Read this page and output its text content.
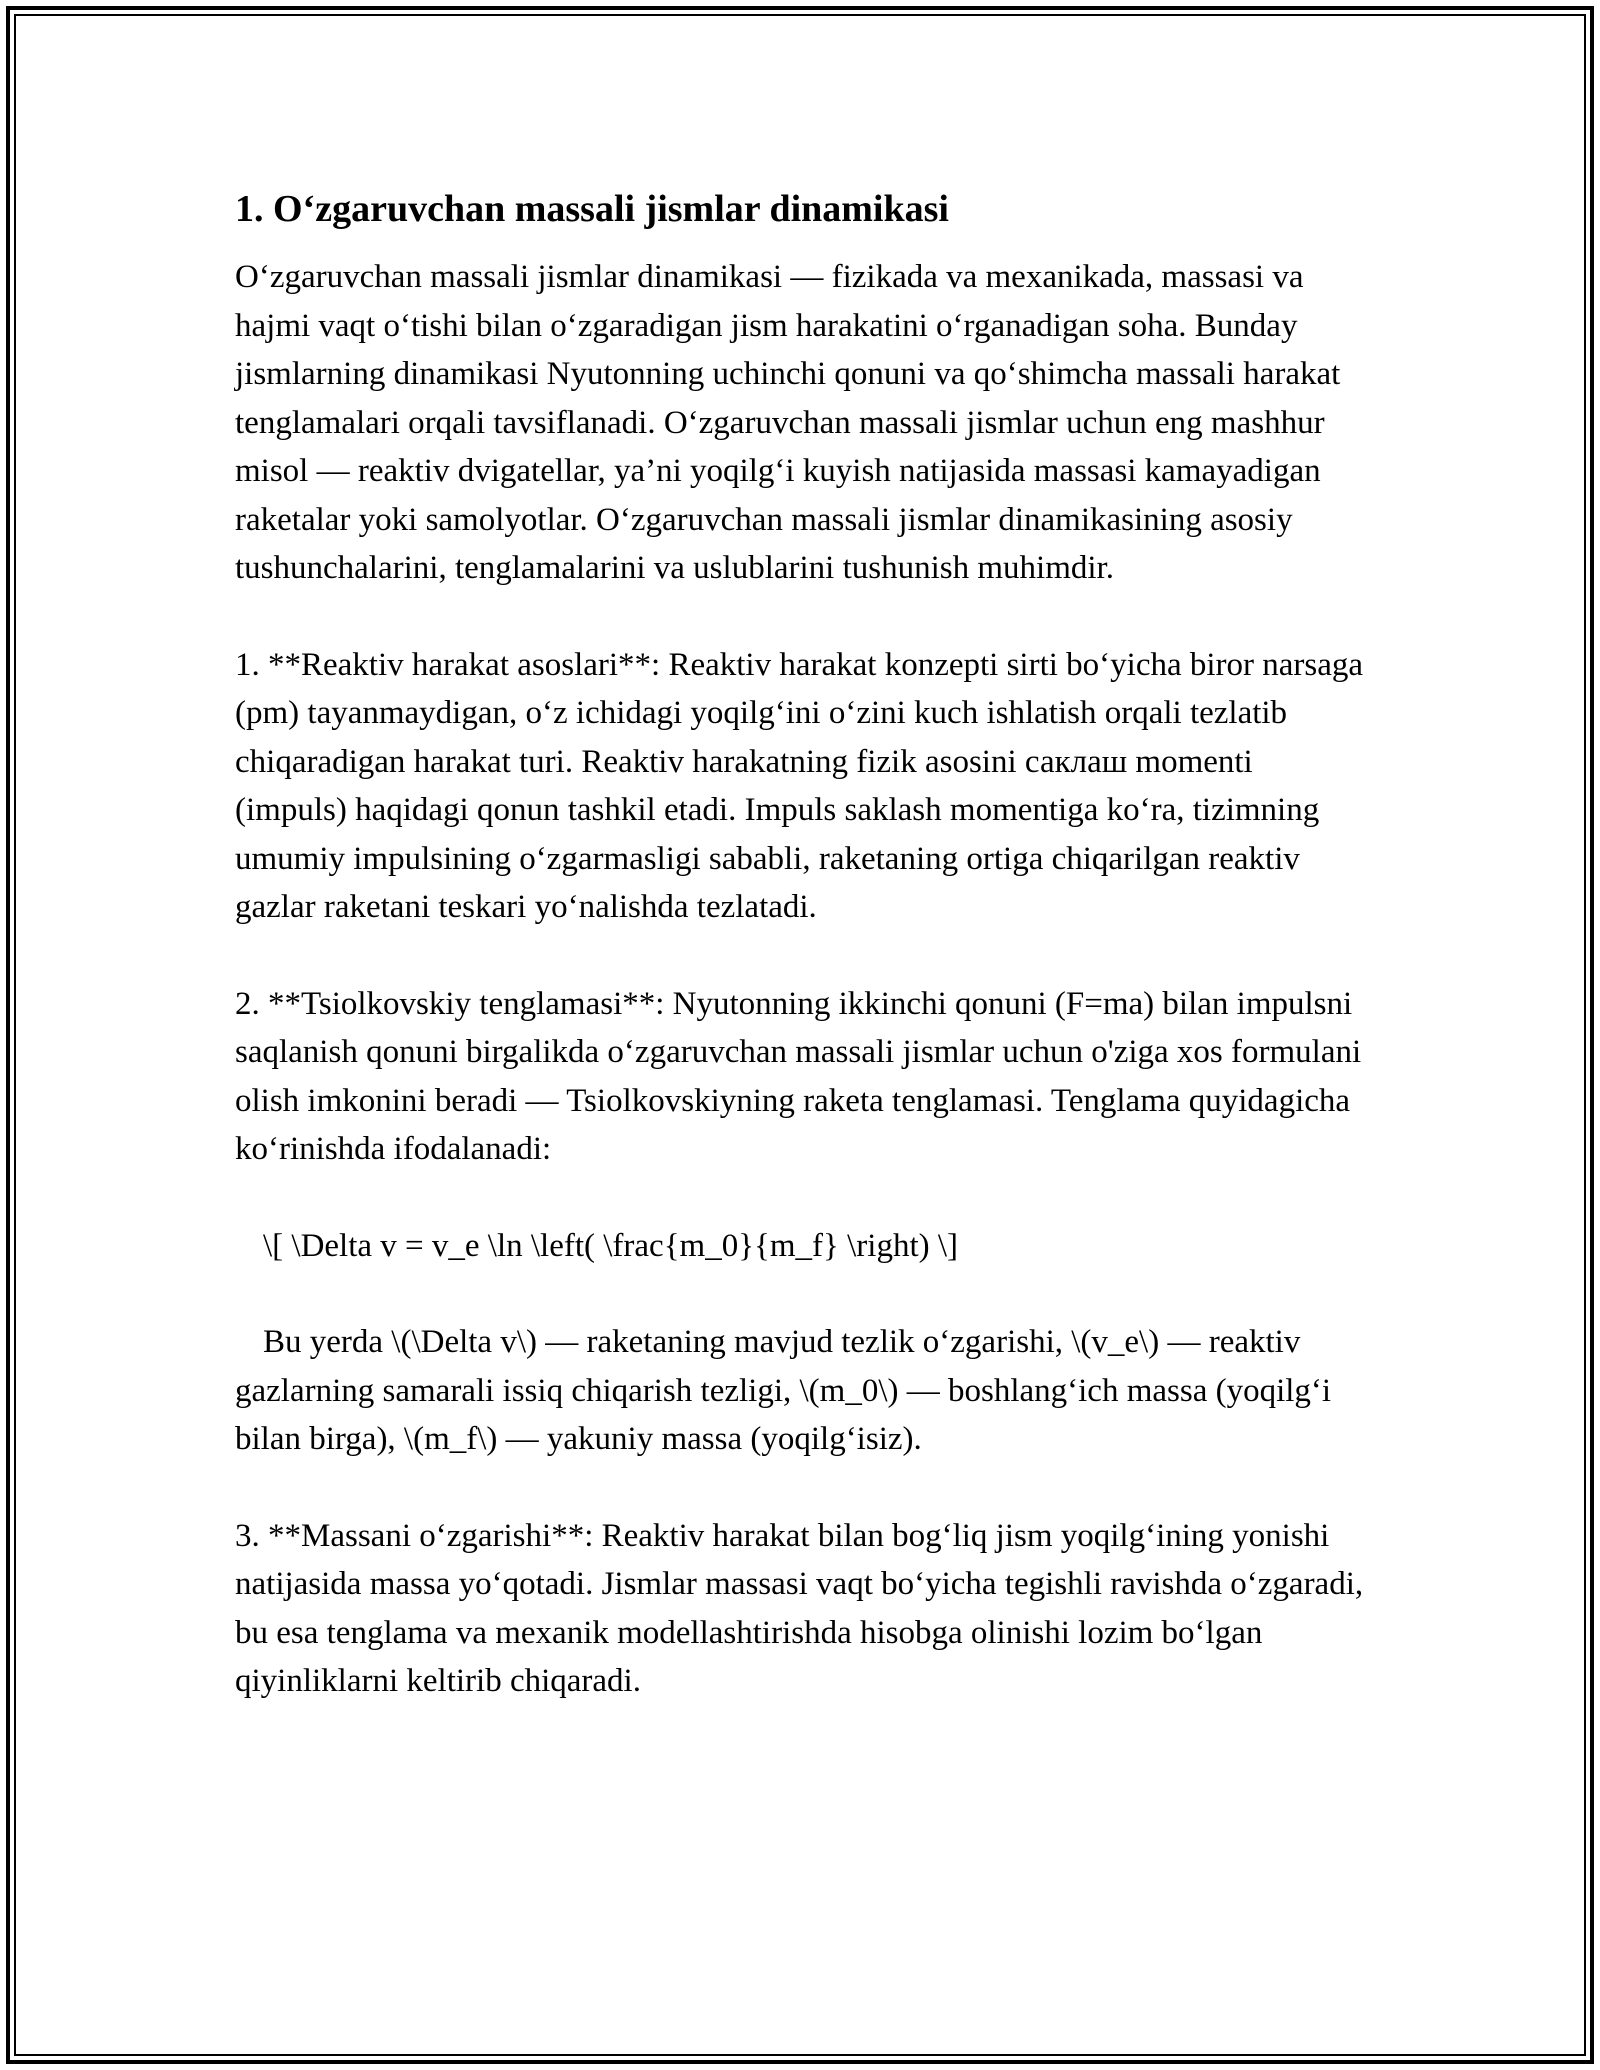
1. O‘zgaruvchan massali jismlar dinamikasi

O‘zgaruvchan massali jismlar dinamikasi — fizikada va mexanikada, massasi va hajmi vaqt o‘tishi bilan o‘zgaradigan jism harakatini o‘rganadigan soha. Bunday jismlarning dinamikasi Nyutonning uchinchi qonuni va qo‘shimcha massali harakat tenglamalari orqali tavsiflanadi. O‘zgaruvchan massali jismlar uchun eng mashhur misol — reaktiv dvigatellar, ya’ni yoqilg‘i kuyish natijasida massasi kamayadigan raketalar yoki samolyotlar. O‘zgaruvchan massali jismlar dinamikasining asosiy tushunchalarini, tenglamalarini va uslublarini tushunish muhimdir.

1. **Reaktiv harakat asoslari**: Reaktiv harakat konzepti sirti bo‘yicha biror narsaga (pm) tayanmaydigan, o‘z ichidagi yoqilg‘ini o‘zini kuch ishlatish orqali tezlatib chiqaradigan harakat turi. Reaktiv harakatning fizik asosini саклаш momenti (impuls) haqidagi qonun tashkil etadi. Impuls saklash momentiga ko‘ra, tizimning umumiy impulsining o‘zgarmasligi sababli, raketaning ortiga chiqarilgan reaktiv gazlar raketani teskari yo‘nalishda tezlatadi.

2. **Tsiolkovskiy tenglamasi**: Nyutonning ikkinchi qonuni (F=ma) bilan impulsni saqlanish qonuni birgalikda o‘zgaruvchan massali jismlar uchun o'ziga xos formulani olish imkonini beradi — Tsiolkovskiyning raketa tenglamasi. Tenglama quyidagicha ko‘rinishda ifodalanadi:

\[ \Delta v = v_e \ln \left( \frac{m_0}{m_f} \right) \]

Bu yerda \(\Delta v\) — raketaning mavjud tezlik o‘zgarishi, \(v_e\) — reaktiv gazlarning samarali issiq chiqarish tezligi, \(m_0\) — boshlang‘ich massa (yoqilg‘i bilan birga), \(m_f\) — yakuniy massa (yoqilg‘isiz).

3. **Massani o‘zgarishi**: Reaktiv harakat bilan bog‘liq jism yoqilg‘ining yonishi natijasida massa yo‘qotadi. Jismlar massasi vaqt bo‘yicha tegishli ravishda o‘zgaradi, bu esa tenglama va mexanik modellashtirishda hisobga olinishi lozim bo‘lgan qiyinliklarni keltirib chiqaradi.
